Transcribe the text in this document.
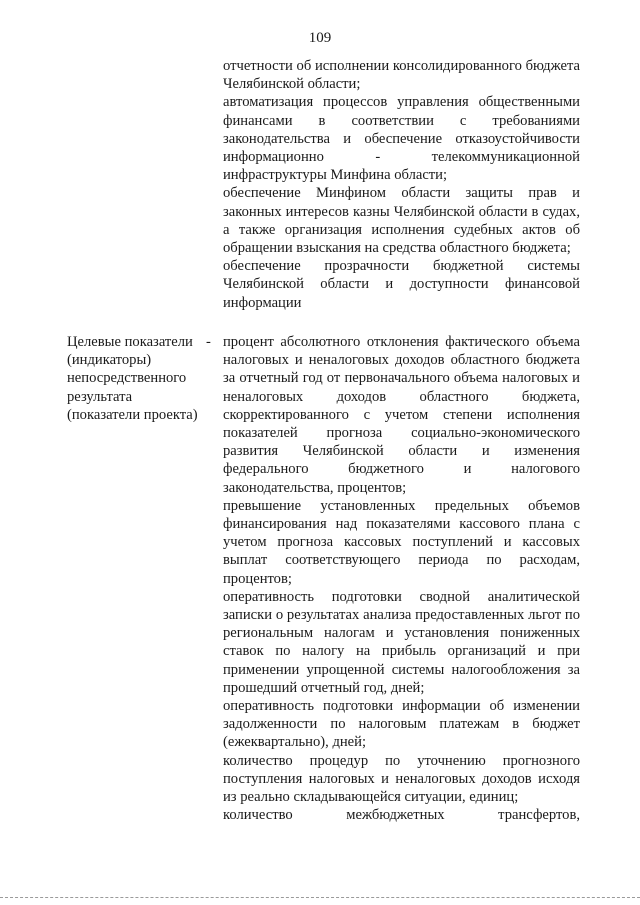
109
отчетности об исполнении консолидированного бюджета Челябинской области;
автоматизация процессов управления общественными финансами в соответствии с требованиями законодательства и обеспечение отказоустойчивости информационно - телекоммуникационной инфраструктуры Минфина области;
обеспечение Минфином области защиты прав и законных интересов казны Челябинской области в судах, а также организация исполнения судебных актов об обращении взыскания на средства областного бюджета;
обеспечение прозрачности бюджетной системы Челябинской области и доступности финансовой информации
Целевые показатели (индикаторы) непосредственного результата (показатели проекта)
- процент абсолютного отклонения фактического объема налоговых и неналоговых доходов областного бюджета за отчетный год от первоначального объема налоговых и неналоговых доходов областного бюджета, скорректированного с учетом степени исполнения показателей прогноза социально-экономического развития Челябинской области и изменения федерального бюджетного и налогового законодательства, процентов;
превышение установленных предельных объемов финансирования над показателями кассового плана с учетом прогноза кассовых поступлений и кассовых выплат соответствующего периода по расходам, процентов;
оперативность подготовки сводной аналитической записки о результатах анализа предоставленных льгот по региональным налогам и установления пониженных ставок по налогу на прибыль организаций и при применении упрощенной системы налогообложения за прошедший отчетный год, дней;
оперативность подготовки информации об изменении задолженности по налоговым платежам в бюджет (ежеквартально), дней;
количество процедур по уточнению прогнозного поступления налоговых и неналоговых доходов исходя из реально складывающейся ситуации, единиц;
количество межбюджетных трансфертов,
